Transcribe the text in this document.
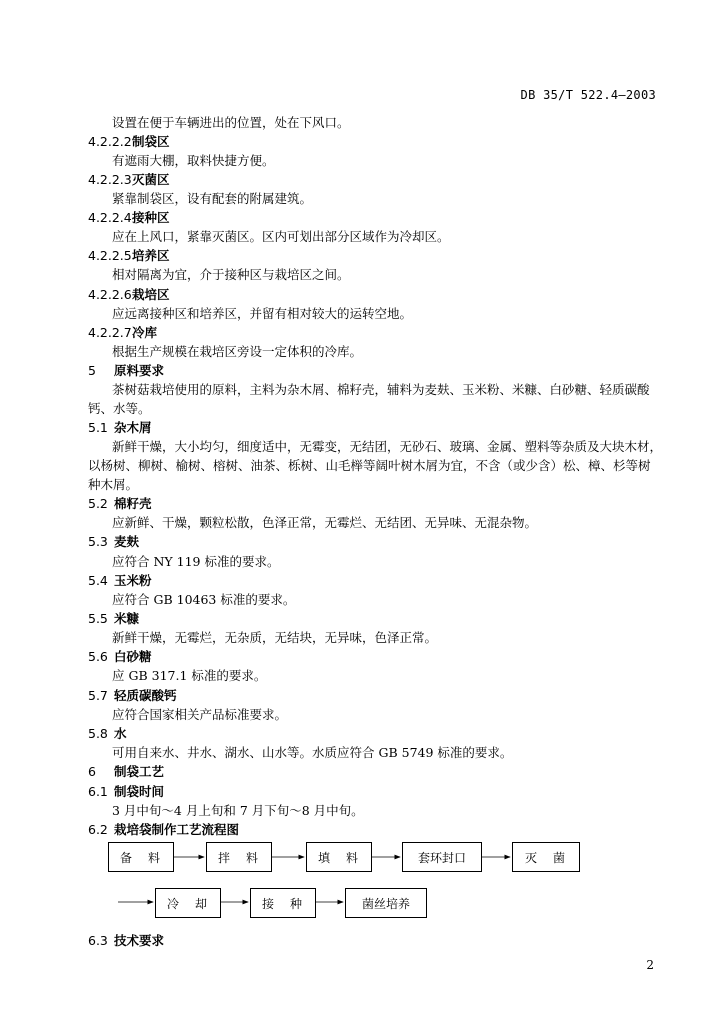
DB 35/T 522.4—2003
设置在便于车辆进出的位置，处在下风口。
4.2.2.2制袋区
有遮雨大棚，取料快捷方便。
4.2.2.3灭菌区
紧靠制袋区，设有配套的附属建筑。
4.2.2.4接种区
应在上风口，紧靠灭菌区。区内可划出部分区域作为冷却区。
4.2.2.5培养区
相对隔离为宜，介于接种区与栽培区之间。
4.2.2.6栽培区
应远离接种区和培养区，并留有相对较大的运转空地。
4.2.2.7冷库
根据生产规模在栽培区旁设一定体积的冷库。
5 原料要求
茶树菇栽培使用的原料，主料为杂木屑、棉籽壳，辅料为麦麸、玉米粉、米糠、白砂糖、轻质碳酸
钙、水等。
5.1 杂木屑
新鲜干燥，大小均匀，细度适中，无霉变，无结团，无砂石、玻璃、金属、塑料等杂质及大块木材，
以杨树、柳树、榆树、榕树、油茶、栎树、山毛榉等阔叶树木屑为宜，不含（或少含）松、樟、杉等树
种木屑。
5.2 棉籽壳
应新鲜、干燥，颗粒松散，色泽正常，无霉烂、无结团、无异味、无混杂物。
5.3 麦麸
应符合 NY 119 标准的要求。
5.4 玉米粉
应符合 GB 10463 标准的要求。
5.5 米糠
新鲜干燥，无霉烂，无杂质，无结块，无异味，色泽正常。
5.6 白砂糖
应 GB 317.1 标准的要求。
5.7 轻质碳酸钙
应符合国家相关产品标准要求。
5.8 水
可用自来水、井水、湖水、山水等。水质应符合 GB 5749 标准的要求。
6 制袋工艺
6.1 制袋时间
3 月中旬～4 月上旬和 7 月下旬～8 月中旬。
6.2 栽培袋制作工艺流程图
备　料	拌　料	填　料	套环封口	灭　菌
冷　却	接　种	菌丝培养
6.3 技术要求
2
